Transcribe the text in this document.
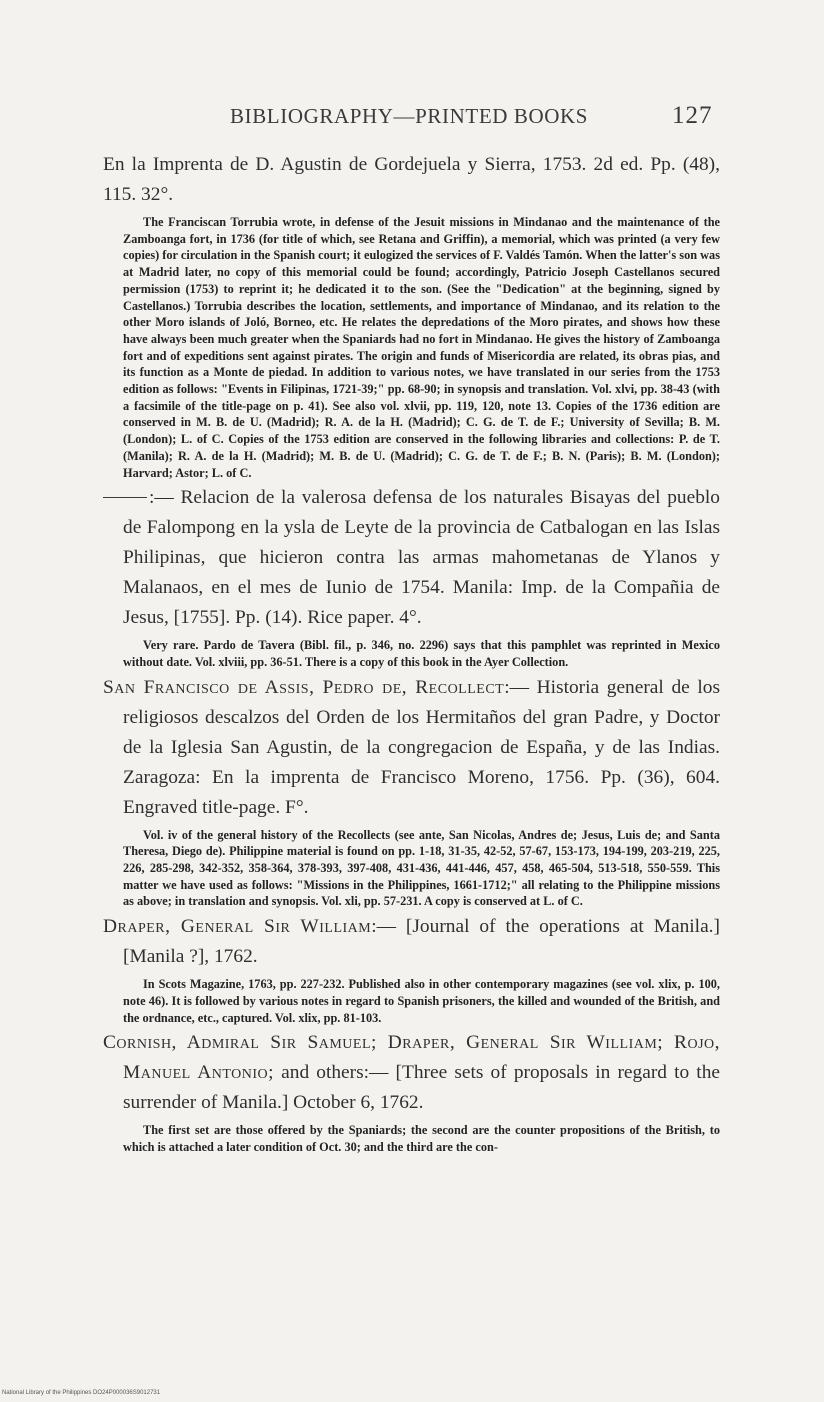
BIBLIOGRAPHY—PRINTED BOOKS	127

En la Imprenta de D. Agustin de Gordejuela y Sierra, 1753. 2d ed. Pp. (48), 115. 32°.

The Franciscan Torrubia wrote, in defense of the Jesuit missions in Mindanao and the maintenance of the Zamboanga fort, in 1736 (for title of which, see Retana and Griffin), a memorial, which was printed (a very few copies) for circulation in the Spanish court; it eulogized the services of F. Valdés Tamón. When the latter's son was at Madrid later, no copy of this memorial could be found; accordingly, Patricio Joseph Castellanos secured permission (1753) to reprint it; he dedicated it to the son. (See the "Dedication" at the beginning, signed by Castellanos.) Torrubia describes the location, settlements, and importance of Mindanao, and its relation to the other Moro islands of Joló, Borneo, etc. He relates the depredations of the Moro pirates, and shows how these have always been much greater when the Spaniards had no fort in Mindanao. He gives the history of Zamboanga fort and of expeditions sent against pirates. The origin and funds of Misericordia are related, its obras pias, and its function as a Monte de piedad. In addition to various notes, we have translated in our series from the 1753 edition as follows: "Events in Filipinas, 1721-39;" pp. 68-90; in synopsis and translation. Vol. xlvi, pp. 38-43 (with a facsimile of the title-page on p. 41). See also vol. xlvii, pp. 119, 120, note 13. Copies of the 1736 edition are conserved in M. B. de U. (Madrid); R. A. de la H. (Madrid); C. G. de T. de F.; University of Sevilla; B. M. (London); L. of C. Copies of the 1753 edition are conserved in the following libraries and collections: P. de T. (Manila); R. A. de la H. (Madrid); M. B. de U. (Madrid); C. G. de T. de F.; B. N. (Paris); B. M. (London); Harvard; Astor; L. of C.

:— Relacion de la valerosa defensa de los naturales Bisayas del pueblo de Falompong en la ysla de Leyte de la provincia de Catbalogan en las Islas Philipinas, que hicieron contra las armas mahometanas de Ylanos y Malanaos, en el mes de Iunio de 1754. Manila: Imp. de la Compañia de Jesus, [1755]. Pp. (14). Rice paper. 4°.

Very rare. Pardo de Tavera (Bibl. fil., p. 346, no. 2296) says that this pamphlet was reprinted in Mexico without date. Vol. xlviii, pp. 36-51. There is a copy of this book in the Ayer Collection.

San Francisco de Assis, Pedro de, Recollect:— Historia general de los religiosos descalzos del Orden de los Hermitaños del gran Padre, y Doctor de la Iglesia San Agustin, de la congregacion de España, y de las Indias. Zaragoza: En la imprenta de Francisco Moreno, 1756. Pp. (36), 604. Engraved title-page. F°.

Vol. iv of the general history of the Recollects (see ante, San Nicolas, Andres de; Jesus, Luis de; and Santa Theresa, Diego de). Philippine material is found on pp. 1-18, 31-35, 42-52, 57-67, 153-173, 194-199, 203-219, 225, 226, 285-298, 342-352, 358-364, 378-393, 397-408, 431-436, 441-446, 457, 458, 465-504, 513-518, 550-559. This matter we have used as follows: "Missions in the Philippines, 1661-1712;" all relating to the Philippine missions as above; in translation and synopsis. Vol. xli, pp. 57-231. A copy is conserved at L. of C.

Draper, General Sir William:— [Journal of the operations at Manila.] [Manila ?], 1762.

In Scots Magazine, 1763, pp. 227-232. Published also in other contemporary magazines (see vol. xlix, p. 100, note 46). It is followed by various notes in regard to Spanish prisoners, the killed and wounded of the British, and the ordnance, etc., captured. Vol. xlix, pp. 81-103.

Cornish, Admiral Sir Samuel; Draper, General Sir William; Rojo, Manuel Antonio; and others:— [Three sets of proposals in regard to the surrender of Manila.] October 6, 1762.

The first set are those offered by the Spaniards; the second are the counter propositions of the British, to which is attached a later condition of Oct. 30; and the third are the con-

National Library of the Philippines DO24P000036S9012731
